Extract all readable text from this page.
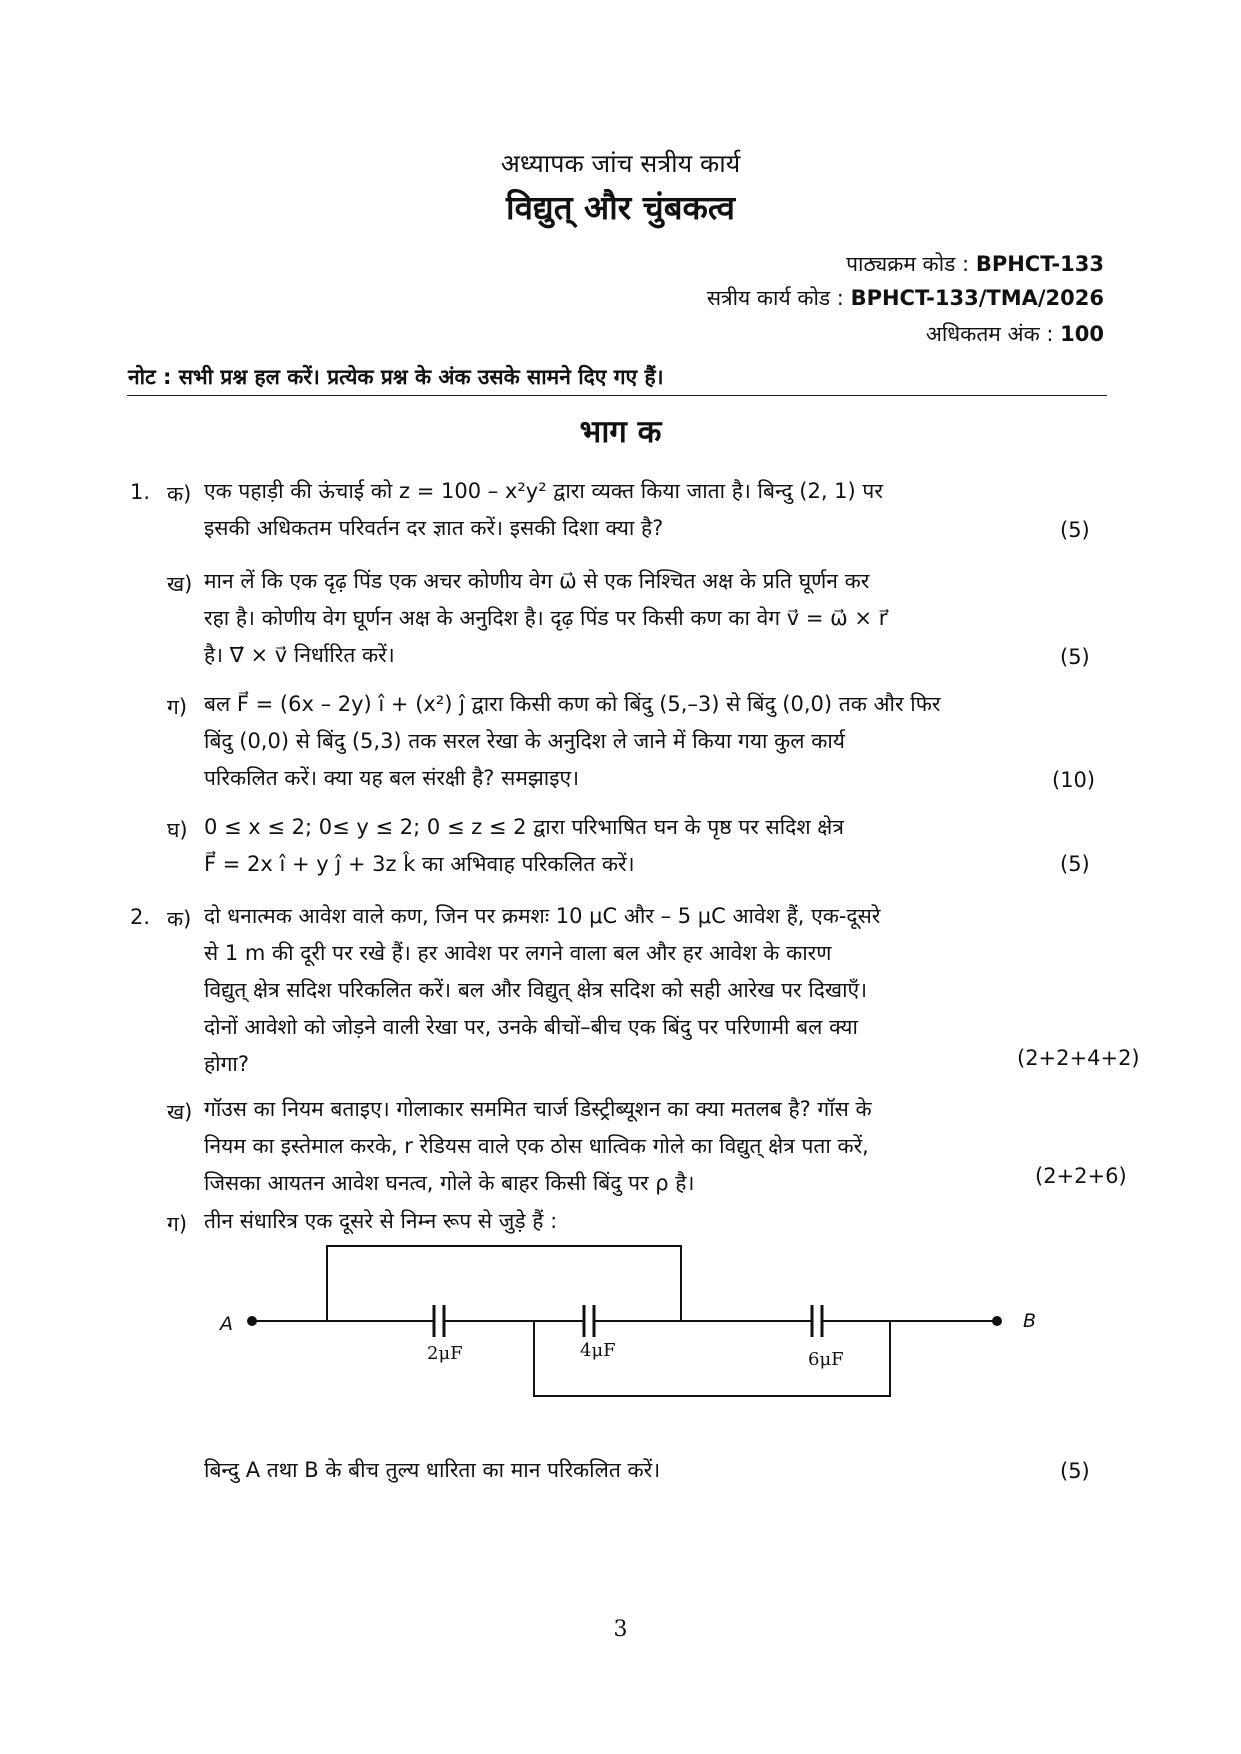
अध्यापक जांच सत्रीय कार्य
विद्युत् और चुंबकत्व
पाठ्यक्रम कोड : BPHCT-133
सत्रीय कार्य कोड : BPHCT-133/TMA/2026
अधिकतम अंक : 100
नोट : सभी प्रश्न हल करें। प्रत्येक प्रश्न के अंक उसके सामने दिए गए हैं।
भाग क
1. क) एक पहाड़ी की ऊंचाई को z = 100 – x²y² द्वारा व्यक्त किया जाता है। बिन्दु (2, 1) पर
इसकी अधिकतम परिवर्तन दर ज्ञात करें। इसकी दिशा क्या है?	(5)
ख) मान लें कि एक दृढ़ पिंड एक अचर कोणीय वेग ω⃗ से एक निश्चित अक्ष के प्रति घूर्णन कर
रहा है। कोणीय वेग घूर्णन अक्ष के अनुदिश है। दृढ़ पिंड पर किसी कण का वेग v⃗ = ω⃗ × r⃗
है। ∇⃗ × v⃗ निर्धारित करें।	(5)
ग) बल F⃗ = (6x – 2y) î + (x²) ĵ द्वारा किसी कण को बिंदु (5,–3) से बिंदु (0,0) तक और फिर
बिंदु (0,0) से बिंदु (5,3) तक सरल रेखा के अनुदिश ले जाने में किया गया कुल कार्य
परिकलित करें। क्या यह बल संरक्षी है? समझाइए।	(10)
घ) 0 ≤ x ≤ 2; 0≤ y ≤ 2; 0 ≤ z ≤ 2 द्वारा परिभाषित घन के पृष्ठ पर सदिश क्षेत्र
F⃗ = 2x î + y ĵ + 3z k̂ का अभिवाह परिकलित करें।	(5)
2. क) दो धनात्मक आवेश वाले कण, जिन पर क्रमशः 10 μC और – 5 μC आवेश हैं, एक-दूसरे
से 1 m की दूरी पर रखे हैं। हर आवेश पर लगने वाला बल और हर आवेश के कारण
विद्युत् क्षेत्र सदिश परिकलित करें। बल और विद्युत् क्षेत्र सदिश को सही आरेख पर दिखाएँ।
दोनों आवेशो को जोड़ने वाली रेखा पर, उनके बीचों–बीच एक बिंदु पर परिणामी बल क्या
होगा?	(2+2+4+2)
ख) गॉउस का नियम बताइए। गोलाकार सममित चार्ज डिस्ट्रीब्यूशन का क्या मतलब है? गॉस के
नियम का इस्तेमाल करके, r रेडियस वाले एक ठोस धात्विक गोले का विद्युत् क्षेत्र पता करें,
जिसका आयतन आवेश घनत्व, गोले के बाहर किसी बिंदु पर ρ है।	(2+2+6)
ग) तीन संधारित्र एक दूसरे से निम्न रूप से जुड़े हैं :
A	B
2μF	4μF	6μF
बिन्दु A तथा B के बीच तुल्य धारिता का मान परिकलित करें।	(5)
3
